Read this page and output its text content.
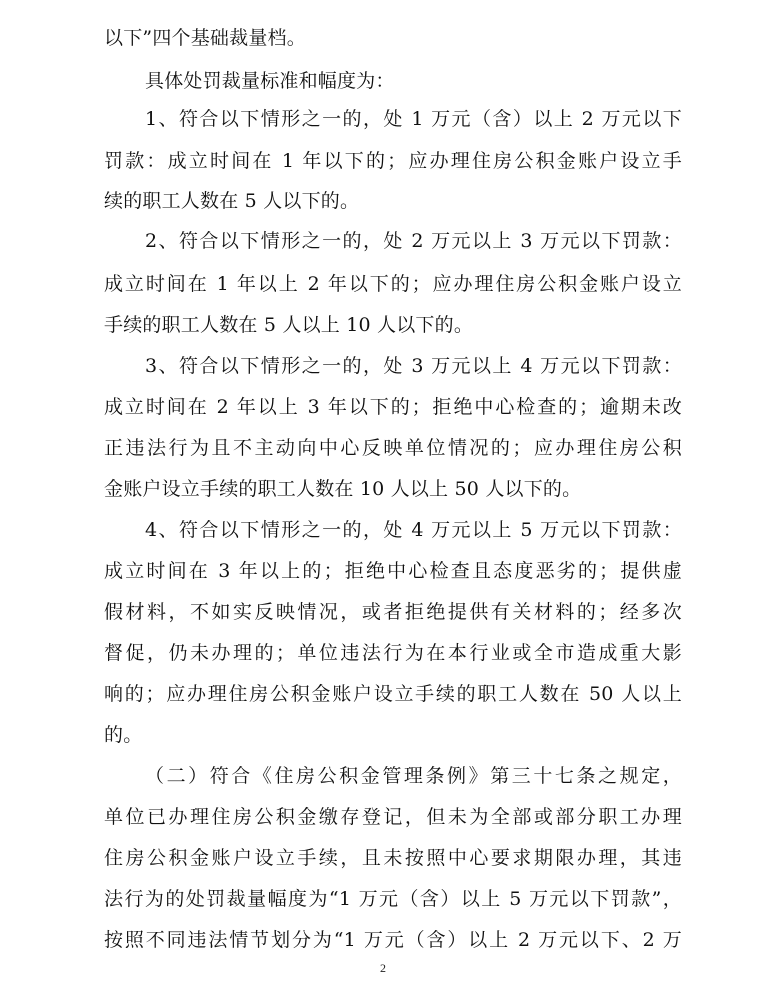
以下”四个基础裁量档。
具体处罚裁量标准和幅度为：
1、符合以下情形之一的，处 1 万元（含）以上 2 万元以下
罚款：成立时间在 1 年以下的；应办理住房公积金账户设立手
续的职工人数在 5 人以下的。
2、符合以下情形之一的，处 2 万元以上 3 万元以下罚款：
成立时间在 1 年以上 2 年以下的；应办理住房公积金账户设立
手续的职工人数在 5 人以上 10 人以下的。
3、符合以下情形之一的，处 3 万元以上 4 万元以下罚款：
成立时间在 2 年以上 3 年以下的；拒绝中心检查的；逾期未改
正违法行为且不主动向中心反映单位情况的；应办理住房公积
金账户设立手续的职工人数在 10 人以上 50 人以下的。
4、符合以下情形之一的，处 4 万元以上 5 万元以下罚款：
成立时间在 3 年以上的；拒绝中心检查且态度恶劣的；提供虚
假材料，不如实反映情况，或者拒绝提供有关材料的；经多次
督促，仍未办理的；单位违法行为在本行业或全市造成重大影
响的；应办理住房公积金账户设立手续的职工人数在 50 人以上
的。
（二）符合《住房公积金管理条例》第三十七条之规定，
单位已办理住房公积金缴存登记，但未为全部或部分职工办理
住房公积金账户设立手续，且未按照中心要求期限办理，其违
法行为的处罚裁量幅度为“1 万元（含）以上 5 万元以下罚款”，
按照不同违法情节划分为“1 万元（含）以上 2 万元以下、2 万
2
